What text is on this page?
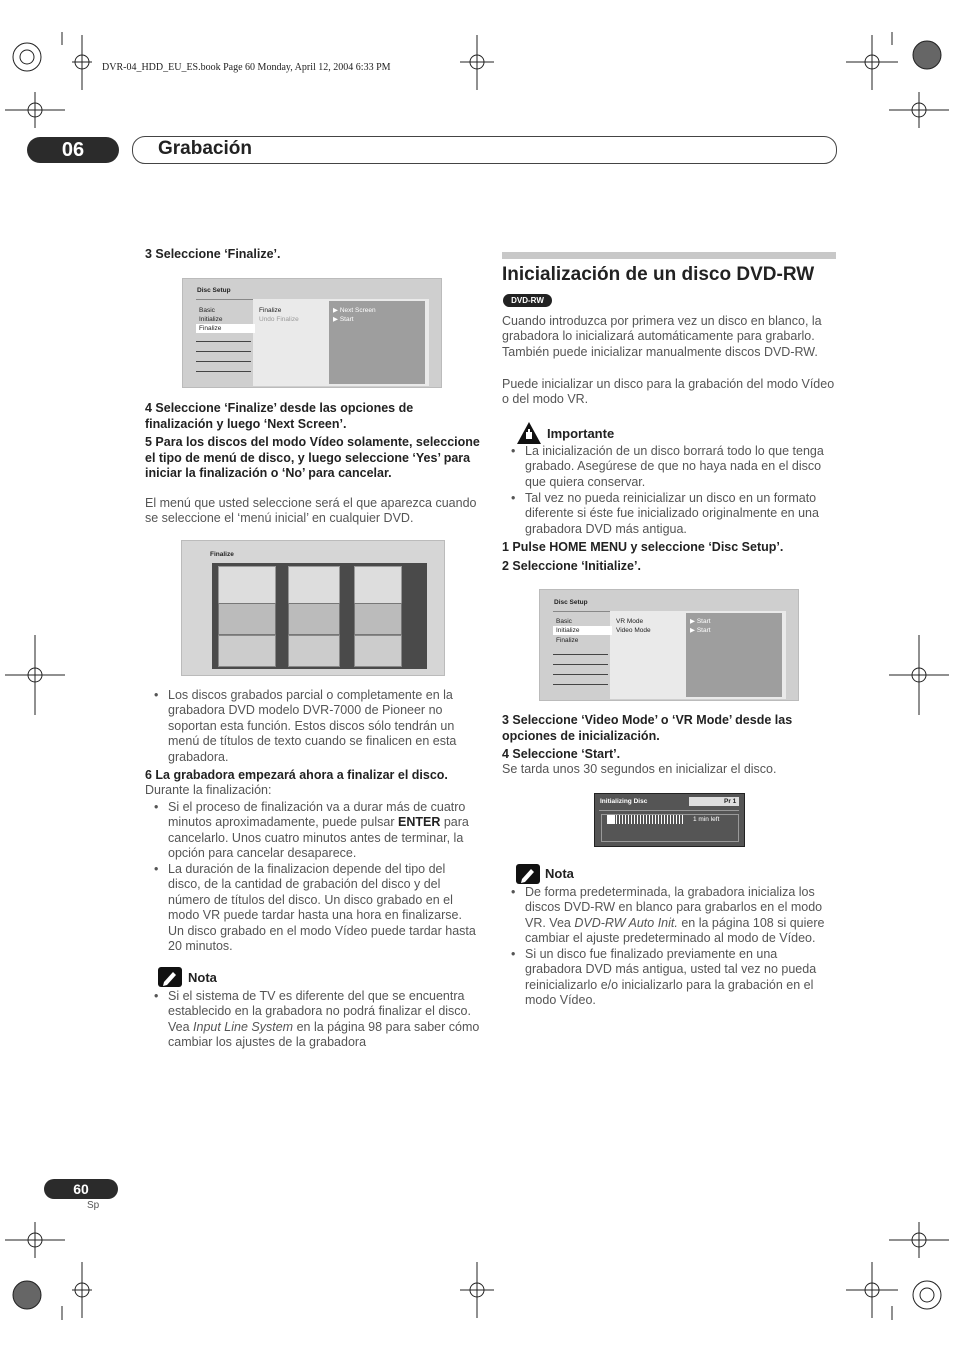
DVR-04_HDD_EU_ES.book Page 60 Monday, April 12, 2004 6:33 PM
06	Grabación
3 Seleccione ‘Finalize’.
Disc Setup
Basic
Initialize
Finalize
Finalize
Undo Finalize
▶ Next Screen
▶ Start
4 Seleccione ‘Finalize’ desde las opciones de finalización y luego ‘Next Screen’.
5 Para los discos del modo Vídeo solamente, seleccione el tipo de menú de disco, y luego seleccione ‘Yes’ para iniciar la finalización o ‘No’ para cancelar.
El menú que usted seleccione será el que aparezca cuando se seleccione el ‘menú inicial’ en cualquier DVD.
Finalize
• Los discos grabados parcial o completamente en la grabadora DVD modelo DVR-7000 de Pioneer no soportan esta función. Estos discos sólo tendrán un menú de títulos de texto cuando se finalicen en esta grabadora.
6 La grabadora empezará ahora a finalizar el disco.
Durante la finalización:
• Si el proceso de finalización va a durar más de cuatro minutos aproximadamente, puede pulsar ENTER para cancelarlo. Unos cuatro minutos antes de terminar, la opción para cancelar desaparece.
• La duración de la finalizacion depende del tipo del disco, de la cantidad de grabación del disco y del número de títulos del disco. Un disco grabado en el modo VR puede tardar hasta una hora en finalizarse. Un disco grabado en el modo Vídeo puede tardar hasta 20 minutos.
Nota
• Si el sistema de TV es diferente del que se encuentra establecido en la grabadora no podrá finalizar el disco. Vea Input Line System en la página 98 para saber cómo cambiar los ajustes de la grabadora
Inicialización de un disco DVD-RW
DVD-RW
Cuando introduzca por primera vez un disco en blanco, la grabadora lo inicializará automáticamente para grabarlo. También puede inicializar manualmente discos DVD-RW.
Puede inicializar un disco para la grabación del modo Vídeo o del modo VR.
Importante
• La inicialización de un disco borrará todo lo que tenga grabado. Asegúrese de que no haya nada en el disco que quiera conservar.
• Tal vez no pueda reinicializar un disco en un formato diferente si éste fue inicializado originalmente en una grabadora DVD más antigua.
1 Pulse HOME MENU y seleccione ‘Disc Setup’.
2 Seleccione ‘Initialize’.
Disc Setup
Basic
Initialize
Finalize
VR Mode
Video Mode
▶ Start
▶ Start
3 Seleccione ‘Video Mode’ o ‘VR Mode’ desde las opciones de inicialización.
4 Seleccione ‘Start’.
Se tarda unos 30 segundos en inicializar el disco.
Initializing Disc	Pr 1
1 min left
Nota
• De forma predeterminada, la grabadora inicializa los discos DVD-RW en blanco para grabarlos en el modo VR. Vea DVD-RW Auto Init. en la página 108 si quiere cambiar el ajuste predeterminado al modo de Vídeo.
• Si un disco fue finalizado previamente en una grabadora DVD más antigua, usted tal vez no pueda reinicializarlo e/o inicializarlo para la grabación en el modo Vídeo.
60
Sp
